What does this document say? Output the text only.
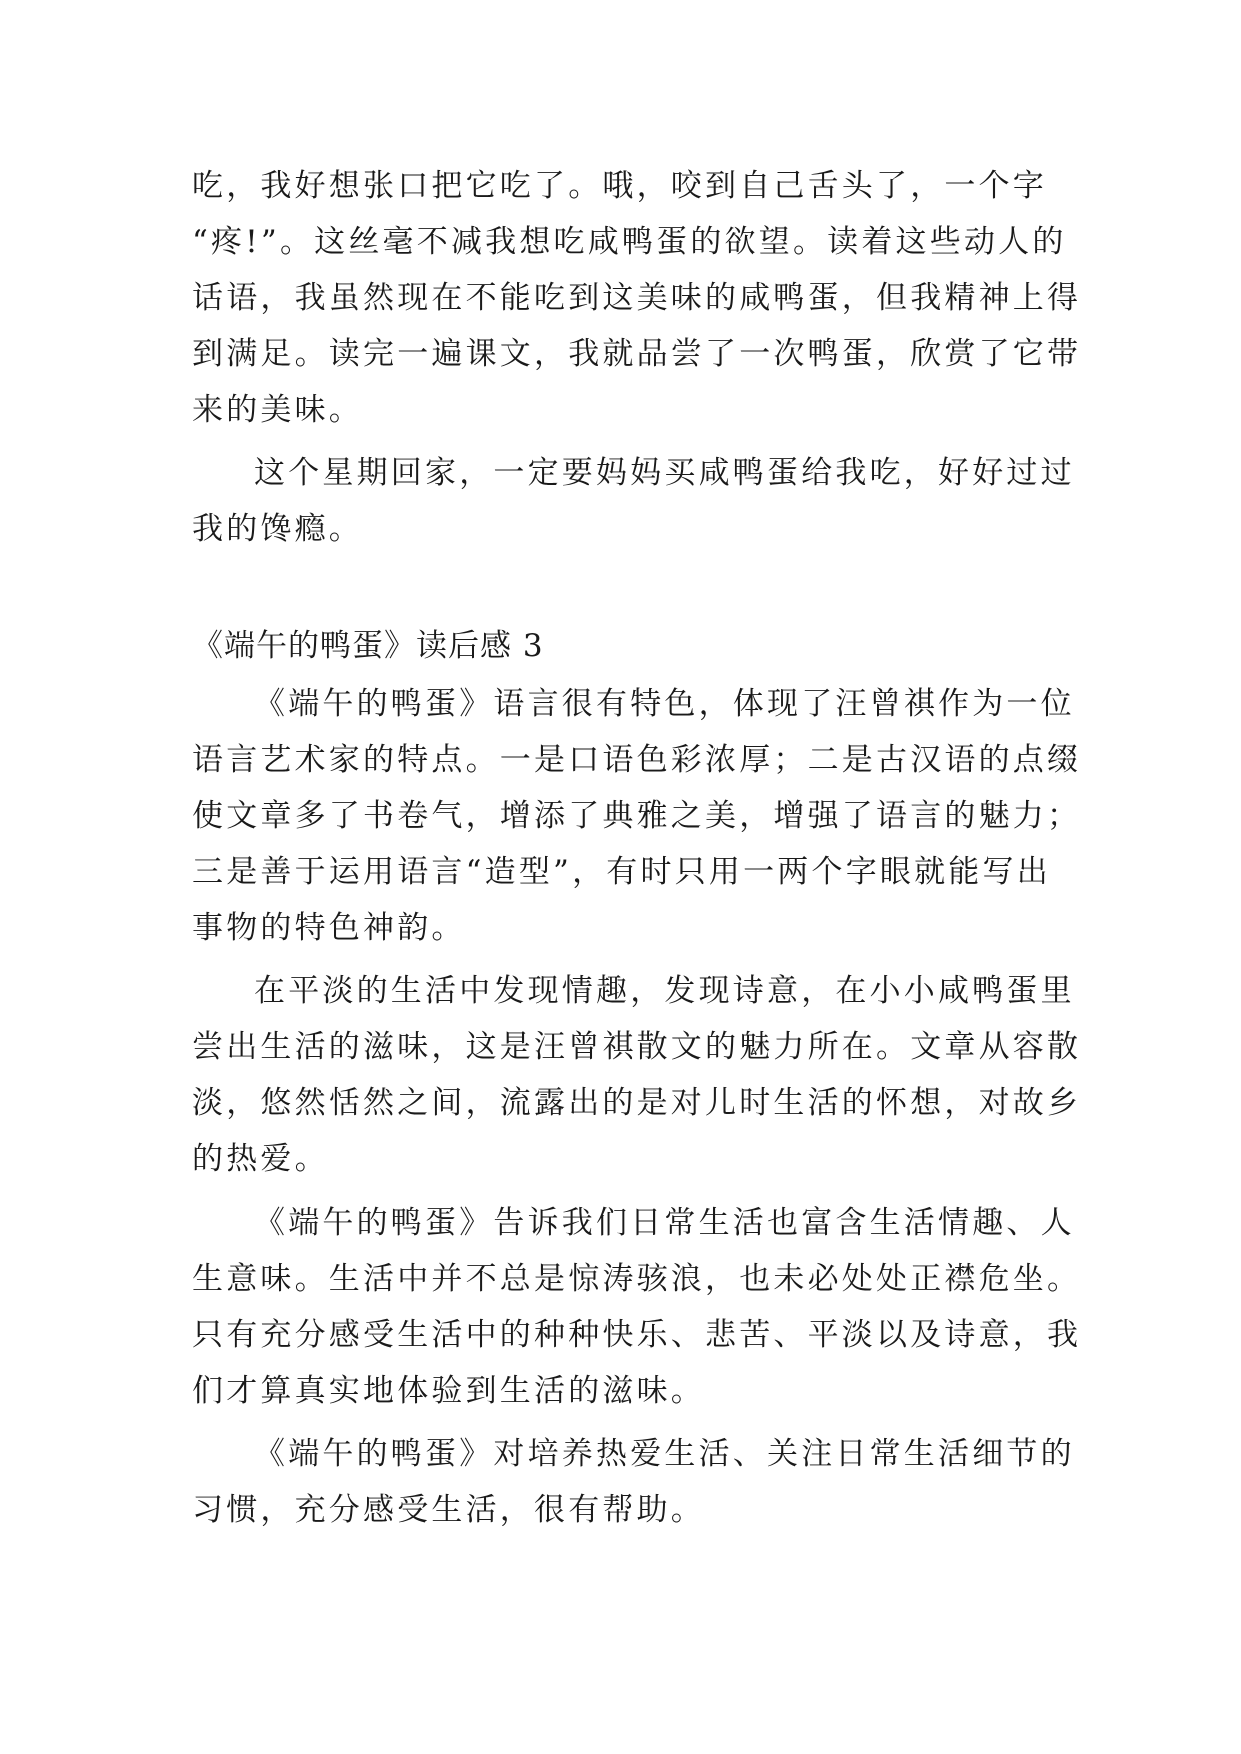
吃，我好想张口把它吃了。哦，咬到自己舌头了，一个字
“疼!”。这丝毫不减我想吃咸鸭蛋的欲望。读着这些动人的
话语，我虽然现在不能吃到这美味的咸鸭蛋，但我精神上得
到满足。读完一遍课文，我就品尝了一次鸭蛋，欣赏了它带
来的美味。
这个星期回家，一定要妈妈买咸鸭蛋给我吃，好好过过
我的馋瘾。
《端午的鸭蛋》读后感 3
《端午的鸭蛋》语言很有特色，体现了汪曾祺作为一位
语言艺术家的特点。一是口语色彩浓厚；二是古汉语的点缀
使文章多了书卷气，增添了典雅之美，增强了语言的魅力；
三是善于运用语言“造型”，有时只用一两个字眼就能写出
事物的特色神韵。
在平淡的生活中发现情趣，发现诗意，在小小咸鸭蛋里
尝出生活的滋味，这是汪曾祺散文的魅力所在。文章从容散
淡，悠然恬然之间，流露出的是对儿时生活的怀想，对故乡
的热爱。
《端午的鸭蛋》告诉我们日常生活也富含生活情趣、人
生意味。生活中并不总是惊涛骇浪，也未必处处正襟危坐。
只有充分感受生活中的种种快乐、悲苦、平淡以及诗意，我
们才算真实地体验到生活的滋味。
《端午的鸭蛋》对培养热爱生活、关注日常生活细节的
习惯，充分感受生活，很有帮助。
